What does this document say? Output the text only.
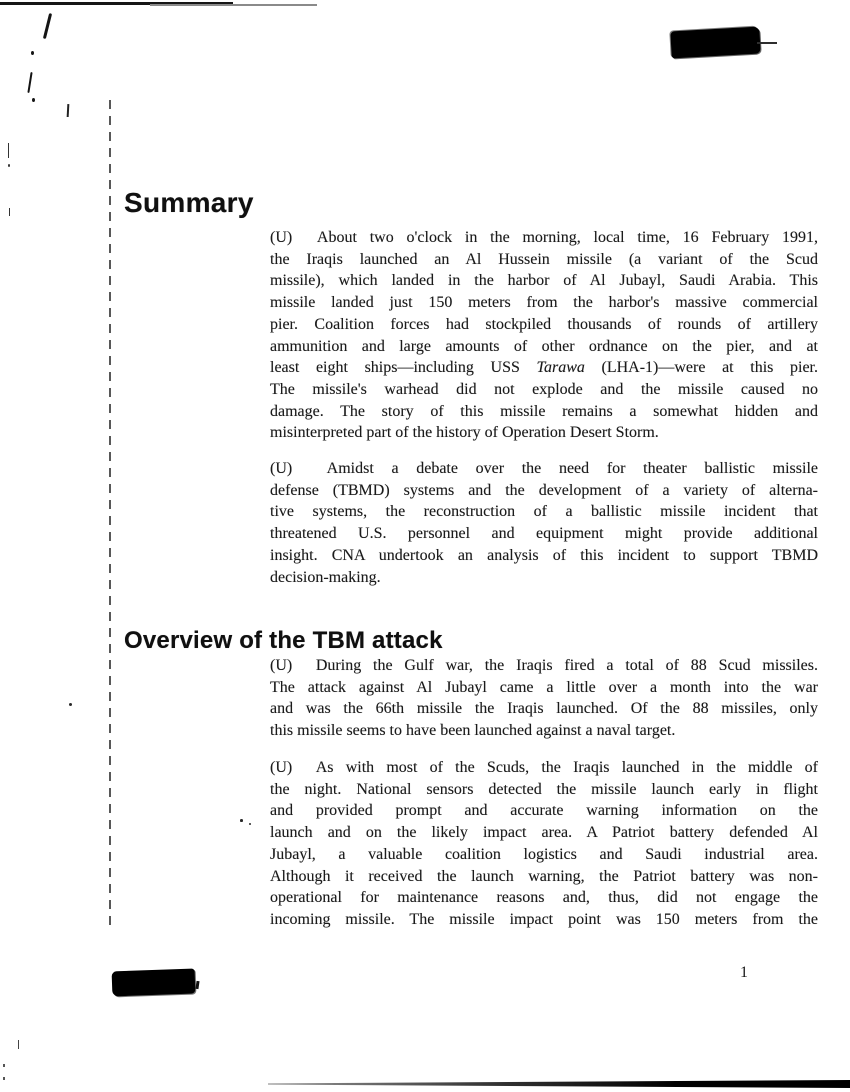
Summary
Overview of the TBM attack
(U)  About two o'clock in the morning, local time, 16 February 1991,
the Iraqis launched an Al Hussein missile (a variant of the Scud
missile), which landed in the harbor of Al Jubayl, Saudi Arabia. This
missile landed just 150 meters from the harbor's massive commercial
pier. Coalition forces had stockpiled thousands of rounds of artillery
ammunition and large amounts of other ordnance on the pier, and at
least eight ships—including USS Tarawa (LHA-1)—were at this pier.
The missile's warhead did not explode and the missile caused no
damage. The story of this missile remains a somewhat hidden and
misinterpreted part of the history of Operation Desert Storm.
(U)  Amidst a debate over the need for theater ballistic missile
defense (TBMD) systems and the development of a variety of alterna-
tive systems, the reconstruction of a ballistic missile incident that
threatened U.S. personnel and equipment might provide additional
insight. CNA undertook an analysis of this incident to support TBMD
decision-making.
(U)  During the Gulf war, the Iraqis fired a total of 88 Scud missiles.
The attack against Al Jubayl came a little over a month into the war
and was the 66th missile the Iraqis launched. Of the 88 missiles, only
this missile seems to have been launched against a naval target.
(U)  As with most of the Scuds, the Iraqis launched in the middle of
the night. National sensors detected the missile launch early in flight
and provided prompt and accurate warning information on the
launch and on the likely impact area. A Patriot battery defended Al
Jubayl, a valuable coalition logistics and Saudi industrial area.
Although it received the launch warning, the Patriot battery was non-
operational for maintenance reasons and, thus, did not engage the
incoming missile. The missile impact point was 150 meters from the
1
